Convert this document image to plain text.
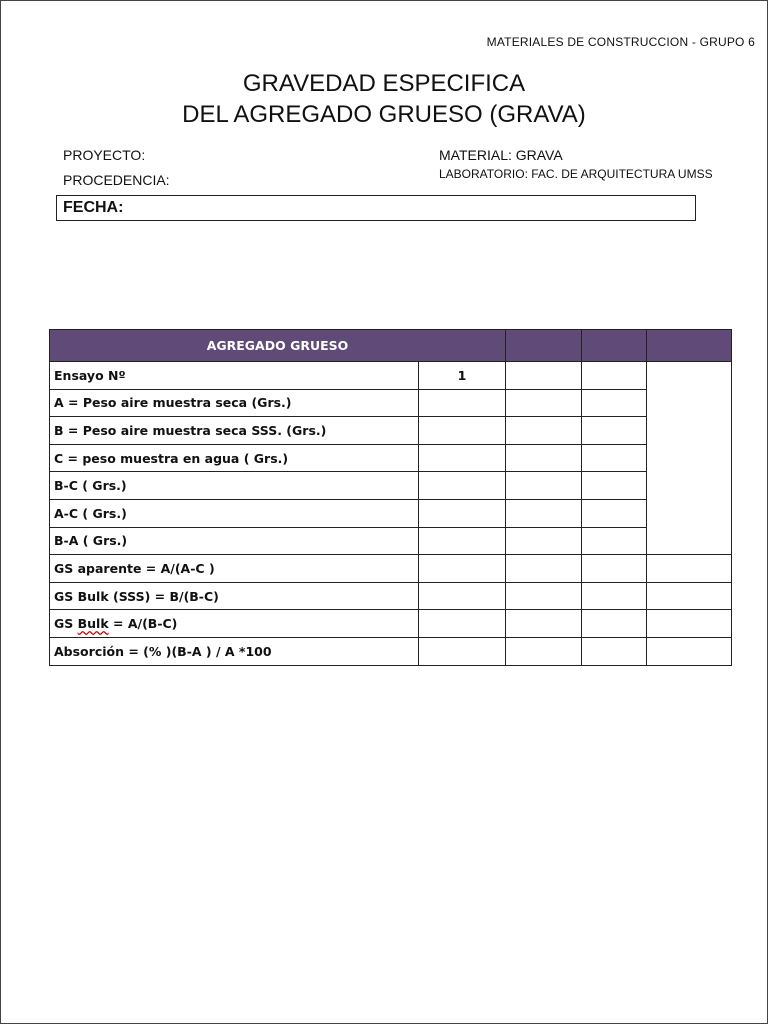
MATERIALES DE CONSTRUCCION - GRUPO 6
GRAVEDAD ESPECIFICA
DEL AGREGADO GRUESO (GRAVA)
PROYECTO:
PROCEDENCIA:
MATERIAL: GRAVA
LABORATORIO: FAC. DE ARQUITECTURA UMSS
FECHA:
AGREGADO GRUESO				
Ensayo Nº	1			
A = Peso aire muestra seca (Grs.)				
B = Peso aire muestra seca SSS. (Grs.)				
C = peso muestra en agua ( Grs.)				
B-C ( Grs.)				
A-C ( Grs.)				
B-A ( Grs.)				
GS aparente = A/(A-C )				
GS Bulk (SSS) = B/(B-C)				
GS Bulk = A/(B-C)				
Absorción = (% )(B-A ) / A *100				
